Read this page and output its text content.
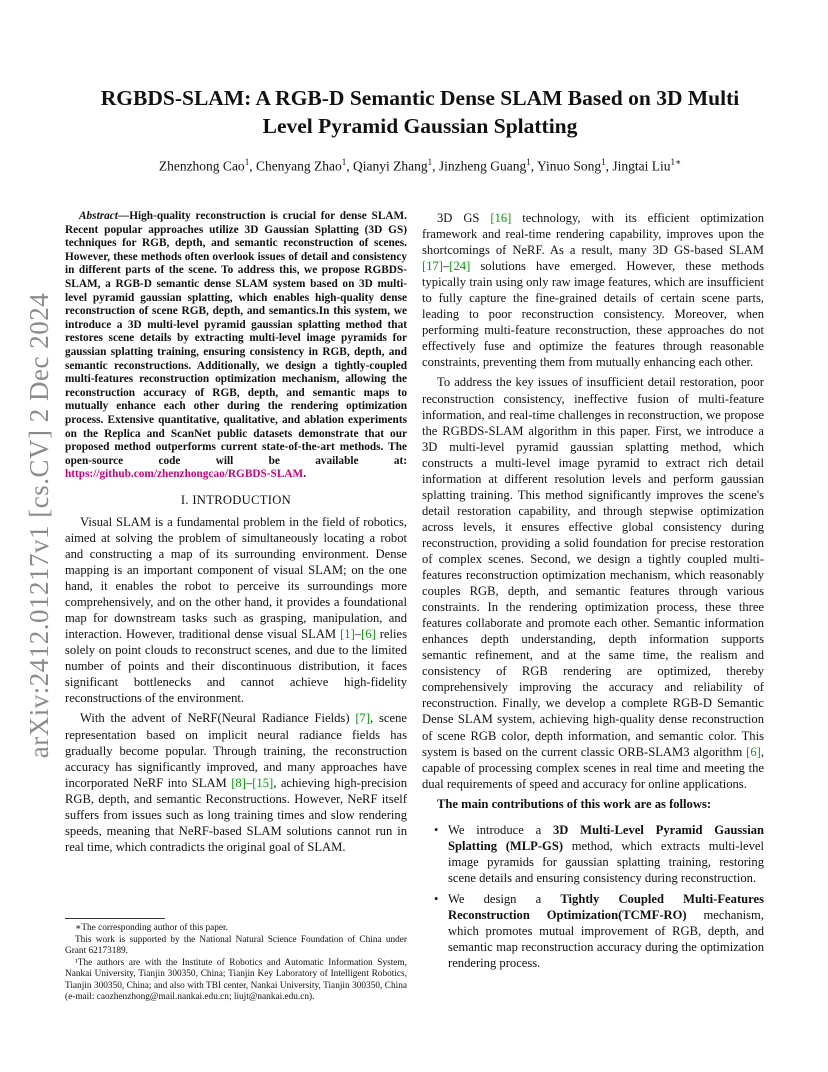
arXiv:2412.01217v1 [cs.CV] 2 Dec 2024
RGBDS-SLAM: A RGB-D Semantic Dense SLAM Based on 3D Multi Level Pyramid Gaussian Splatting
Zhenzhong Cao$^1$, Chenyang Zhao$^1$, Qianyi Zhang$^1$, Jinzheng Guang$^1$, Yinuo Song$^1$, Jingtai Liu$^{1∗}$

Abstract—High-quality reconstruction is crucial for dense SLAM. Recent popular approaches utilize 3D Gaussian Splatting (3D GS) techniques for RGB, depth, and semantic reconstruction of scenes. However, these methods often overlook issues of detail and consistency in different parts of the scene. To address this, we propose RGBDS-SLAM, a RGB-D semantic dense SLAM system based on 3D multi-level pyramid gaussian splatting, which enables high-quality dense reconstruction of scene RGB, depth, and semantics.In this system, we introduce a 3D multi-level pyramid gaussian splatting method that restores scene details by extracting multi-level image pyramids for gaussian splatting training, ensuring consistency in RGB, depth, and semantic reconstructions. Additionally, we design a tightly-coupled multi-features reconstruction optimization mechanism, allowing the reconstruction accuracy of RGB, depth, and semantic maps to mutually enhance each other during the rendering optimization process. Extensive quantitative, qualitative, and ablation experiments on the Replica and ScanNet public datasets demonstrate that our proposed method outperforms current state-of-the-art methods. The open-source code will be available at: https://github.com/zhenzhongcao/RGBDS-SLAM.

I. INTRODUCTION

Visual SLAM is a fundamental problem in the field of robotics, aimed at solving the problem of simultaneously locating a robot and constructing a map of its surrounding environment. Dense mapping is an important component of visual SLAM; on the one hand, it enables the robot to perceive its surroundings more comprehensively, and on the other hand, it provides a foundational map for downstream tasks such as grasping, manipulation, and interaction. However, traditional dense visual SLAM [1]–[6] relies solely on point clouds to reconstruct scenes, and due to the limited number of points and their discontinuous distribution, it faces significant bottlenecks and cannot achieve high-fidelity reconstructions of the environment.

With the advent of NeRF(Neural Radiance Fields) [7], scene representation based on implicit neural radiance fields has gradually become popular. Through training, the reconstruction accuracy has significantly improved, and many approaches have incorporated NeRF into SLAM [8]–[15], achieving high-precision RGB, depth, and semantic Reconstructions. However, NeRF itself suffers from issues such as long training times and slow rendering speeds, meaning that NeRF-based SLAM solutions cannot run in real time, which contradicts the original goal of SLAM.

∗The corresponding author of this paper.

This work is supported by the National Natural Science Foundation of China under Grant 62173189.

¹The authors are with the Institute of Robotics and Automatic Information System, Nankai University, Tianjin 300350, China; Tianjin Key Laboratory of Intelligent Robotics, Tianjin 300350, China; and also with TBI center, Nankai University, Tianjin 300350, China (e-mail: caozhenzhong@mail.nankai.edu.cn; liujt@nankai.edu.cn).

3D GS [16] technology, with its efficient optimization framework and real-time rendering capability, improves upon the shortcomings of NeRF. As a result, many 3D GS-based SLAM [17]–[24] solutions have emerged. However, these methods typically train using only raw image features, which are insufficient to fully capture the fine-grained details of certain scene parts, leading to poor reconstruction consistency. Moreover, when performing multi-feature reconstruction, these approaches do not effectively fuse and optimize the features through reasonable constraints, preventing them from mutually enhancing each other.

To address the key issues of insufficient detail restoration, poor reconstruction consistency, ineffective fusion of multi-feature information, and real-time challenges in reconstruction, we propose the RGBDS-SLAM algorithm in this paper. First, we introduce a 3D multi-level pyramid gaussian splatting method, which constructs a multi-level image pyramid to extract rich detail information at different resolution levels and perform gaussian splatting training. This method significantly improves the scene's detail restoration capability, and through stepwise optimization across levels, it ensures effective global consistency during reconstruction, providing a solid foundation for precise restoration of complex scenes. Second, we design a tightly coupled multi-features reconstruction optimization mechanism, which reasonably couples RGB, depth, and semantic features through various constraints. In the rendering optimization process, these three features collaborate and promote each other. Semantic information enhances depth understanding, depth information supports semantic refinement, and at the same time, the realism and consistency of RGB rendering are optimized, thereby comprehensively improving the accuracy and reliability of reconstruction. Finally, we develop a complete RGB-D Semantic Dense SLAM system, achieving high-quality dense reconstruction of scene RGB color, depth information, and semantic color. This system is based on the current classic ORB-SLAM3 algorithm [6], capable of processing complex scenes in real time and meeting the dual requirements of speed and accuracy for online applications.

The main contributions of this work are as follows:

• We introduce a 3D Multi-Level Pyramid Gaussian Splatting (MLP-GS) method, which extracts multi-level image pyramids for gaussian splatting training, restoring scene details and ensuring consistency during reconstruction.
• We design a Tightly Coupled Multi-Features Reconstruction Optimization(TCMF-RO) mechanism, which promotes mutual improvement of RGB, depth, and semantic map reconstruction accuracy during the optimization rendering process.
